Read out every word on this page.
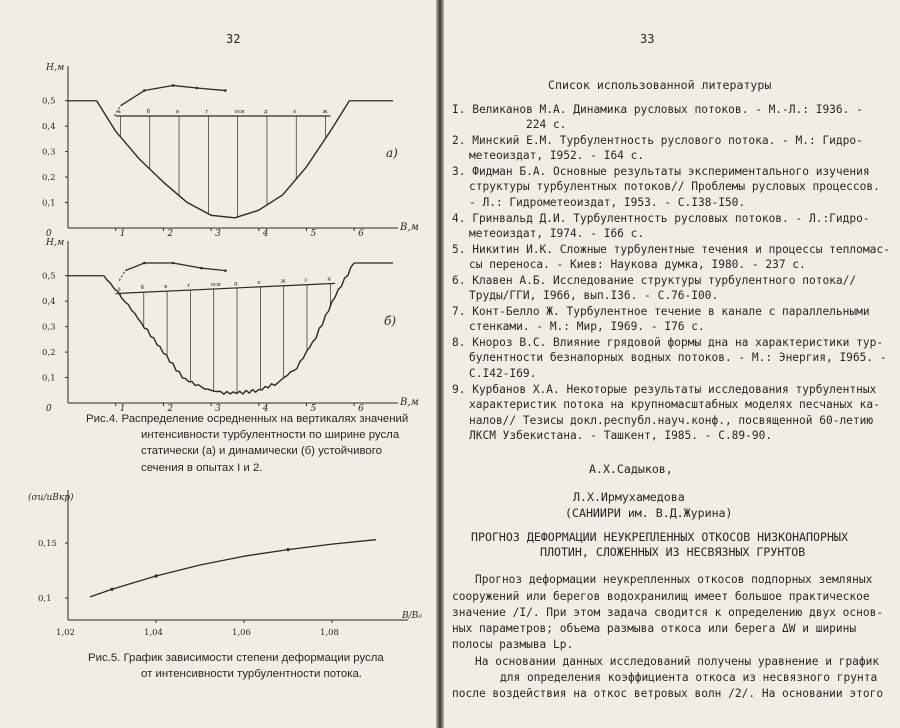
32
Н,м
В,м
0,1
0,2
0,3
0,4
0,5
0	1	2	3	4	5	6
а	б	в	г	оси	д	е	ж
а)
Н,м
В,м
0,1
0,2
0,3
0,4
0,5
0	1	2	3	4	5	6
а	б	в	г	оси д	е	ж	з	и
б)
(σu/uВкр)
В/В₀
1,02	1,04	1,06	1,08
0,1
0,15
Рис.4. Распределение осредненных на вертикалях значений
интенсивности турбулентности по ширине русла
статически (а) и динамически (б) устойчивого
сечения в опытах I и 2.
Рис.5. График зависимости степени деформации русла
от интенсивности турбулентности потока.
33
Список использованной литературы
I. Великанов М.А. Динамика русловых потоков. - М.-Л.: I936. -
224 с.
2. Минский Е.М. Турбулентность руслового потока. - М.: Гидро-
метеоиздат, I952. - I64 с.
3. Фидман Б.А. Основные результаты экспериментального изучения
структуры турбулентных потоков// Проблемы русловых процессов.
- Л.: Гидрометеоиздат, I953. - С.I38-I50.
4. Гринвальд Д.И. Турбулентность русловых потоков. - Л.:Гидро-
метеоиздат, I974. - I66 с.
5. Никитин И.К. Сложные турбулентные течения и процессы тепломас-
сы переноса. - Киев: Наукова думка, I980. - 237 с.
6. Клавен А.Б. Исследование структуры турбулентного потока//
Труды/ГГИ, I966, вып.I36. - С.76-I00.
7. Конт-Белло Ж. Турбулентное течение в канале с параллельными
стенками. - М.: Мир, I969. - I76 с.
8. Кнороз В.С. Влияние грядовой формы дна на характеристики тур-
булентности безнапорных водных потоков. - М.: Энергия, I965. -
С.I42-I69.
9. Курбанов Х.А. Некоторые результаты исследования турбулентных
характеристик потока на крупномасштабных моделях песчаных ка-
налов// Тезисы докл.республ.науч.конф., посвященной 60-летию
ЛКСМ Узбекистана. - Ташкент, I985. - С.89-90.
А.Х.Садыков,
Л.Х.Ирмухамедова
(САНИИРИ им. В.Д.Журина)
ПРОГНОЗ ДЕФОРМАЦИИ НЕУКРЕПЛЕННЫХ ОТКОСОВ НИЗКОНАПОРНЫХ
ПЛОТИН, СЛОЖЕННЫХ ИЗ НЕСВЯЗНЫХ ГРУНТОВ
Прогноз деформации неукрепленных откосов подпорных земляных
сооружений или берегов водохранилищ имеет большое практическое
значение /I/. При этом задача сводится к определению двух основ-
ных параметров; объема размыва откоса или берега ΔW и ширины
полосы размыва Lр.
На основании данных исследований получены уравнение и график
для определения коэффициента откоса из несвязного грунта
после воздействия на откос ветровых волн /2/. На основании этого
